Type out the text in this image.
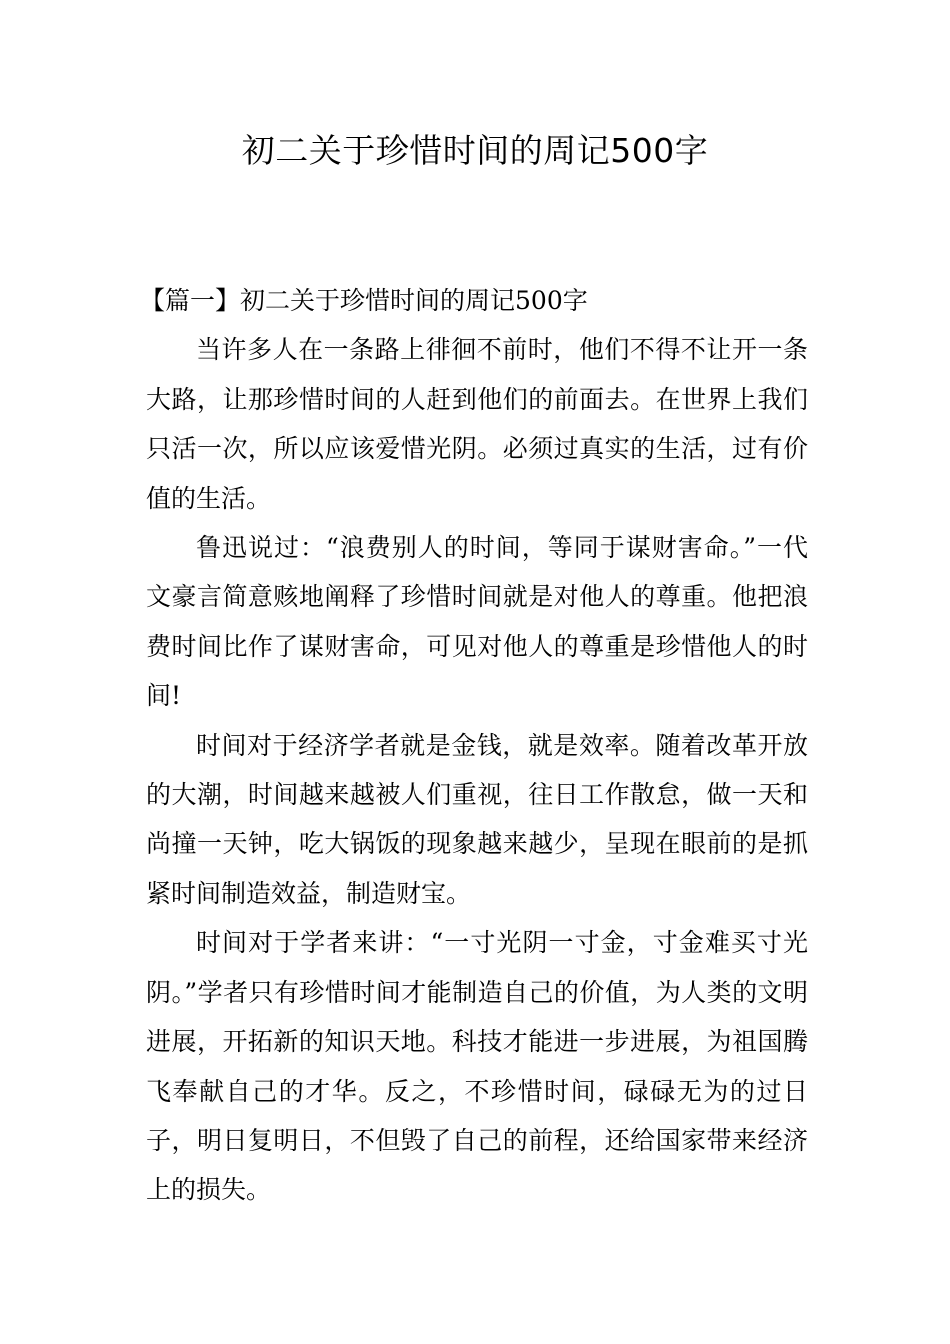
初二关于珍惜时间的周记500字
【篇一】初二关于珍惜时间的周记500字

当许多人在一条路上徘徊不前时，他们不得不让开一条大路，让那珍惜时间的人赶到他们的前面去。在世界上我们只活一次，所以应该爱惜光阴。必须过真实的生活，过有价值的生活。

鲁迅说过：“浪费别人的时间，等同于谋财害命。”一代文豪言简意赅地阐释了珍惜时间就是对他人的尊重。他把浪费时间比作了谋财害命，可见对他人的尊重是珍惜他人的时间!

时间对于经济学者就是金钱，就是效率。随着改革开放的大潮，时间越来越被人们重视，往日工作散怠，做一天和尚撞一天钟，吃大锅饭的现象越来越少，呈现在眼前的是抓紧时间制造效益，制造财宝。

时间对于学者来讲：“一寸光阴一寸金，寸金难买寸光阴。”学者只有珍惜时间才能制造自己的价值，为人类的文明进展，开拓新的知识天地。科技才能进一步进展，为祖国腾飞奉献自己的才华。反之，不珍惜时间，碌碌无为的过日子，明日复明日，不但毁了自己的前程，还给国家带来经济上的损失。
